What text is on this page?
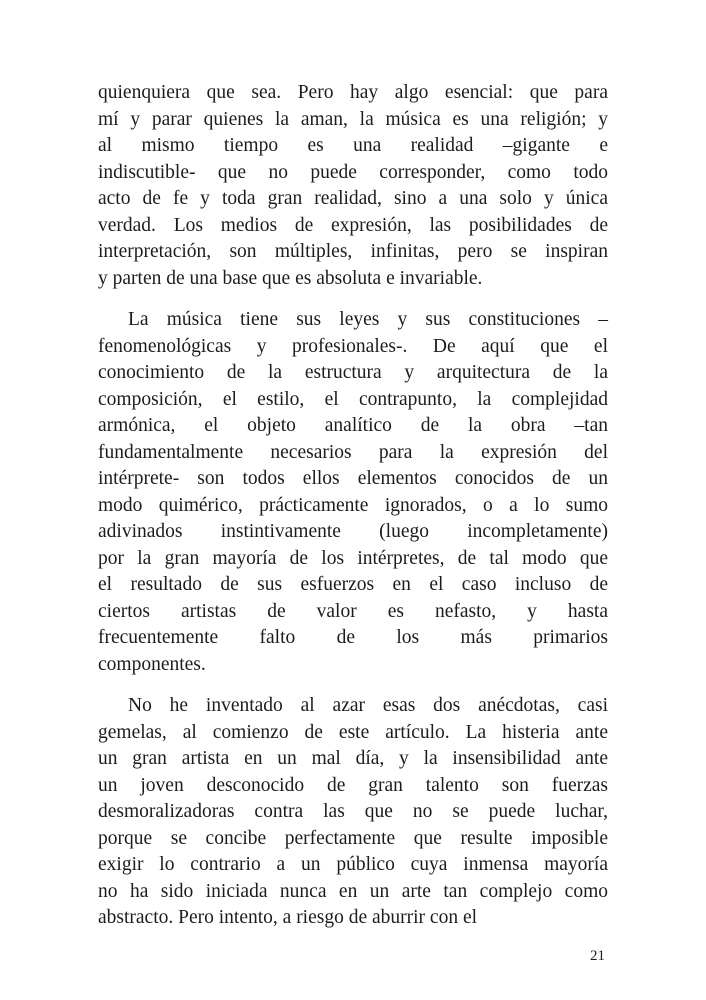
quienquiera que sea. Pero hay algo esencial: que para
mí y parar quienes la aman, la música es una religión; y
al mismo tiempo es una realidad –gigante e
indiscutible- que no puede corresponder, como todo
acto de fe y toda gran realidad, sino a una solo y única
verdad. Los medios de expresión, las posibilidades de
interpretación, son múltiples, infinitas, pero se inspiran
y parten de una base que es absoluta e invariable.
La música tiene sus leyes y sus constituciones –
fenomenológicas y profesionales-. De aquí que el
conocimiento de la estructura y arquitectura de la
composición, el estilo, el contrapunto, la complejidad
armónica, el objeto analítico de la obra –tan
fundamentalmente necesarios para la expresión del
intérprete- son todos ellos elementos conocidos de un
modo quimérico, prácticamente ignorados, o a lo sumo
adivinados instintivamente (luego incompletamente)
por la gran mayoría de los intérpretes, de tal modo que
el resultado de sus esfuerzos en el caso incluso de
ciertos artistas de valor es nefasto, y hasta
frecuentemente falto de los más primarios
componentes.
No he inventado al azar esas dos anécdotas, casi
gemelas, al comienzo de este artículo. La histeria ante
un gran artista en un mal día, y la insensibilidad ante
un joven desconocido de gran talento son fuerzas
desmoralizadoras contra las que no se puede luchar,
porque se concibe perfectamente que resulte imposible
exigir lo contrario a un público cuya inmensa mayoría
no ha sido iniciada nunca en un arte tan complejo como
abstracto. Pero intento, a riesgo de aburrir con el
21
